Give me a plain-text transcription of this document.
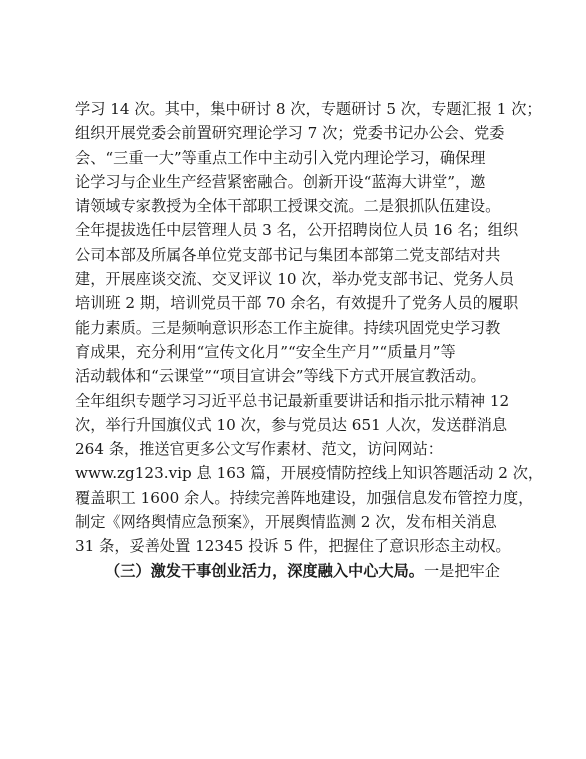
学习 14 次。其中，集中研讨 8 次，专题研讨 5 次，专题汇报 1 次；
组织开展党委会前置研究理论学习 7 次；党委书记办公会、党委
会、“三重一大”等重点工作中主动引入党内理论学习，确保理
论学习与企业生产经营紧密融合。创新开设“蓝海大讲堂”，邀
请领域专家教授为全体干部职工授课交流。二是狠抓队伍建设。
全年提拔选任中层管理人员 3 名，公开招聘岗位人员 16 名；组织
公司本部及所属各单位党支部书记与集团本部第二党支部结对共
建，开展座谈交流、交叉评议 10 次，举办党支部书记、党务人员
培训班 2 期，培训党员干部 70 余名，有效提升了党务人员的履职
能力素质。三是频响意识形态工作主旋律。持续巩固党史学习教
育成果，充分利用“宣传文化月”“安全生产月”“质量月”等
活动载体和“云课堂”“项目宣讲会”等线下方式开展宣教活动。
全年组织专题学习习近平总书记最新重要讲话和指示批示精神 12
次，举行升国旗仪式 10 次，参与党员达 651 人次，发送群消息
264 条，推送官更多公文写作素材、范文，访问网站：
www.zg123.vip 息 163 篇，开展疫情防控线上知识答题活动 2 次，
覆盖职工 1600 余人。持续完善阵地建设，加强信息发布管控力度，
制定《网络舆情应急预案》，开展舆情监测 2 次，发布相关消息
31 条，妥善处置 12345 投诉 5 件，把握住了意识形态主动权。
（三）激发干事创业活力，深度融入中心大局。一是把牢企
